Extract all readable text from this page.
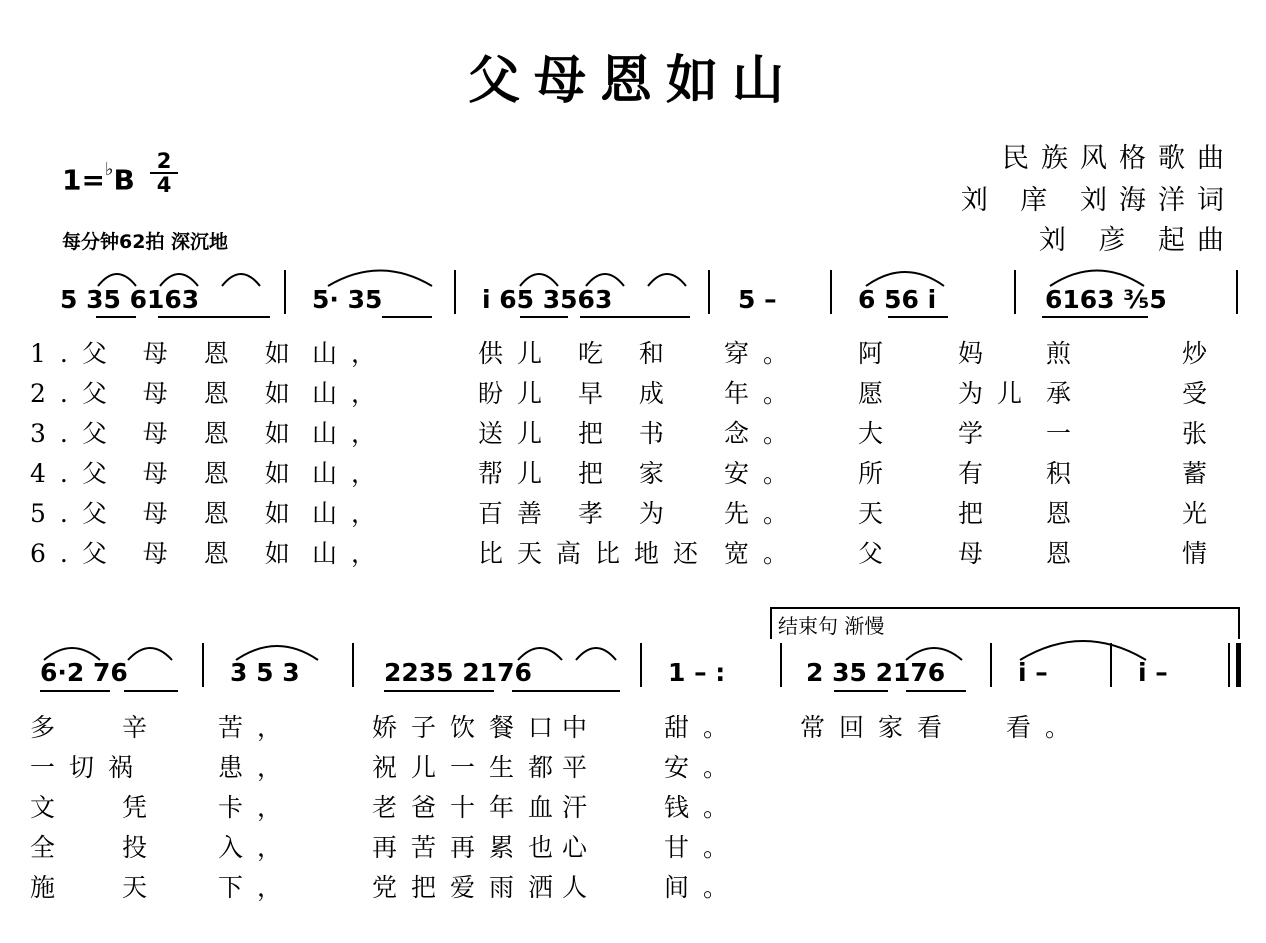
父母恩如山
民族风格歌曲
刘 庠 刘海洋词
刘 彦 起曲
1=♭B
2
4
每分钟62拍 深沉地
5 35 6163	5· 35	i 65 3563	5 –	6 56 i	6163 ³⁄₅5
1.父 母 恩 如 山，	供儿 吃 和 穿。 阿 妈 煎	炒
2.父 母 恩 如 山，	盼儿 早 成 年。 愿 为儿 承	受
3.父 母 恩 如 山，	送儿 把 书 念。 大 学 一	张
4.父 母 恩 如 山，	帮儿 把 家 安。 所 有 积	蓄
5.父 母 恩 如 山，	百善 孝 为 先。 天 把 恩	光
6.父 母 恩 如 山，	比天高比地还 宽。 父 母 恩	情
结束句 渐慢
6·2 76	3 5 3	2235 2176	1 – :	2 35 2176	i –	i –
多 辛 苦，	娇子饮餐口
中	甜。 常回家看 看。
一切祸	患，	祝儿一生都
平	安。
文 凭 卡，	老爸十年血
汗	钱。
全 投 入，	再苦再累也
心	甘。
施 天 下，	党把爱雨洒
人	间。
